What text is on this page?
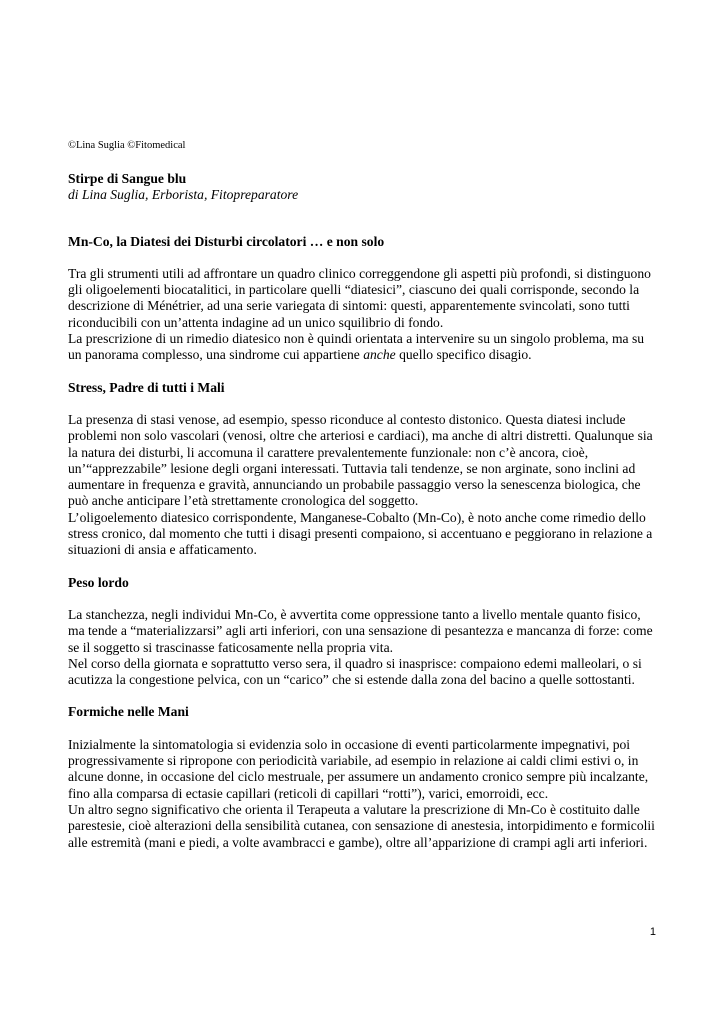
©Lina Suglia ©Fitomedical

Stirpe di Sangue blu

di Lina Suglia, Erborista, Fitopreparatore

Mn-Co, la Diatesi dei Disturbi circolatori … e non solo

Tra gli strumenti utili ad affrontare un quadro clinico correggendone gli aspetti più profondi, si distinguono gli oligoelementi biocatalitici, in particolare quelli “diatesici”, ciascuno dei quali corrisponde, secondo la descrizione di Ménétrier, ad una serie variegata di sintomi: questi, apparentemente svincolati, sono tutti riconducibili con un’attenta indagine ad un unico squilibrio di fondo.

La prescrizione di un rimedio diatesico non è quindi orientata a intervenire su un singolo problema, ma su un panorama complesso, una sindrome cui appartiene anche quello specifico disagio.

Stress, Padre di tutti i Mali

La presenza di stasi venose, ad esempio, spesso riconduce al contesto distonico. Questa diatesi include problemi non solo vascolari (venosi, oltre che arteriosi e cardiaci), ma anche di altri distretti. Qualunque sia la natura dei disturbi, li accomuna il carattere prevalentemente funzionale: non c’è ancora, cioè, un’“apprezzabile” lesione degli organi interessati. Tuttavia tali tendenze, se non arginate, sono inclini ad aumentare in frequenza e gravità, annunciando un probabile passaggio verso la senescenza biologica, che può anche anticipare l’età strettamente cronologica del soggetto.

L’oligoelemento diatesico corrispondente, Manganese-Cobalto (Mn-Co), è noto anche come rimedio dello stress cronico, dal momento che tutti i disagi presenti compaiono, si accentuano e peggiorano in relazione a situazioni di ansia e affaticamento.

Peso lordo

La stanchezza, negli individui Mn-Co, è avvertita come oppressione tanto a livello mentale quanto fisico, ma tende a “materializzarsi” agli arti inferiori, con una sensazione di pesantezza e mancanza di forze: come se il soggetto si trascinasse faticosamente nella propria vita.

Nel corso della giornata e soprattutto verso sera, il quadro si inasprisce: compaiono edemi malleolari, o si acutizza la congestione pelvica, con un “carico” che si estende dalla zona del bacino a quelle sottostanti.

Formiche nelle Mani

Inizialmente la sintomatologia si evidenzia solo in occasione di eventi particolarmente impegnativi, poi progressivamente si ripropone con periodicità variabile, ad esempio in relazione ai caldi climi estivi o, in alcune donne, in occasione del ciclo mestruale, per assumere un andamento cronico sempre più incalzante, fino alla comparsa di ectasie capillari (reticoli di capillari “rotti”), varici, emorroidi, ecc.

Un altro segno significativo che orienta il Terapeuta a valutare la prescrizione di Mn-Co è costituito dalle parestesie, cioè alterazioni della sensibilità cutanea, con sensazione di anestesia, intorpidimento e formicolii alle estremità (mani e piedi, a volte avambracci e gambe), oltre all’apparizione di crampi agli arti inferiori.

1
